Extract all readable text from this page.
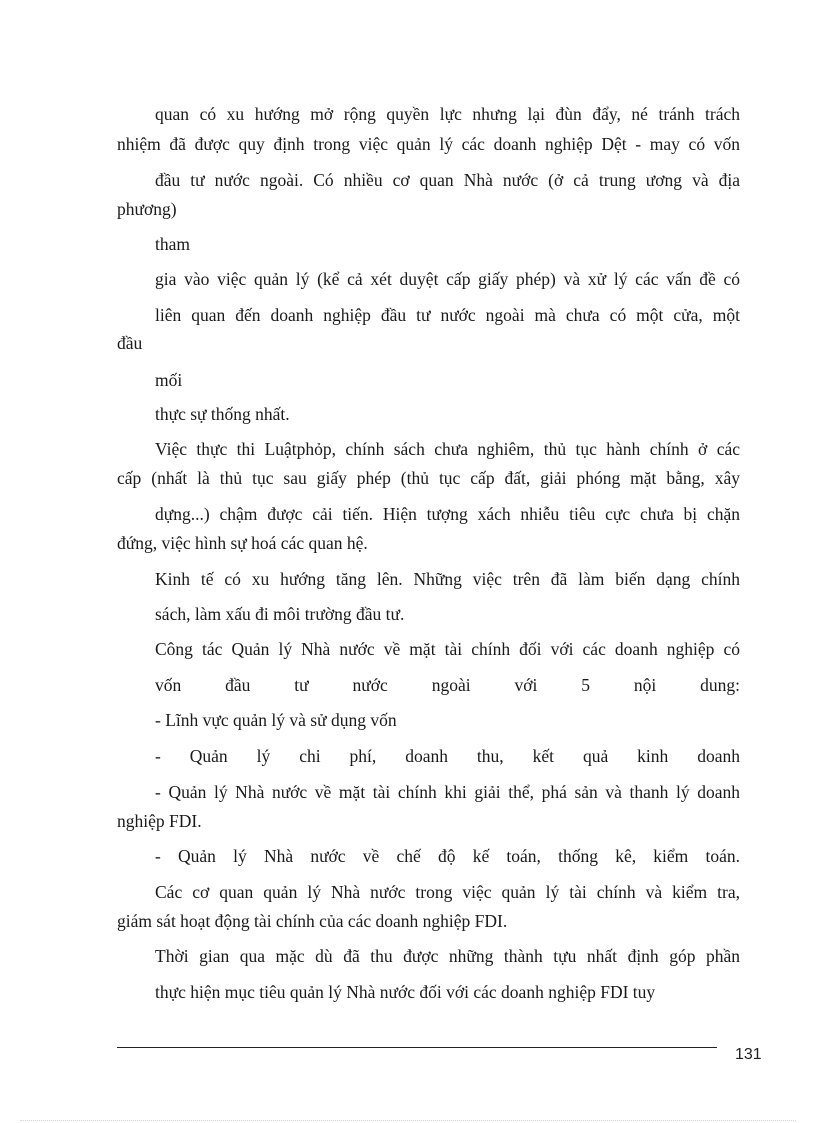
quan có xu hướng mở rộng quyền lực nhưng lại đùn đẩy, né tránh trách
nhiệm đã được quy định trong việc quản lý các doanh nghiệp Dệt - may có vốn
đầu tư nước ngoài. Có nhiều cơ quan Nhà nước (ở cả trung ương và địa
phương)
tham
gia vào việc quản lý (kể cả xét duyệt cấp giấy phép) và xử lý các vấn đề có
liên quan đến doanh nghiệp đầu tư nước ngoài mà chưa có một cửa, một
đầu
mối
thực sự thống nhất.
Việc thực thi Luậtphỏp, chính sách chưa nghiêm, thủ tục hành chính ở các
cấp (nhất là thủ tục sau giấy phép (thủ tục cấp đất, giải phóng mặt bằng, xây
dựng...) chậm được cải tiến. Hiện tượng xách nhiễu tiêu cực chưa bị chặn
đứng, việc hình sự hoá các quan hệ.
Kinh tế có xu hướng tăng lên. Những việc trên đã làm biến dạng chính
sách, làm xấu đi môi trường đầu tư.
Công tác Quản lý Nhà nước về mặt tài chính đối với các doanh nghiệp có
vốn đầu tư nước ngoài với 5 nội dung:
- Lĩnh vực quản lý và sử dụng vốn
- Quản lý chi phí, doanh thu, kết quả kinh doanh
- Quản lý Nhà nước về mặt tài chính khi giải thể, phá sản và thanh lý doanh
nghiệp FDI.
- Quản lý Nhà nước về chế độ kế toán, thống kê, kiểm toán.
Các cơ quan quản lý Nhà nước trong việc quản lý tài chính và kiểm tra,
giám sát hoạt động tài chính của các doanh nghiệp FDI.
Thời gian qua mặc dù đã thu được những thành tựu nhất định góp phần
thực hiện mục tiêu quản lý Nhà nước đối với các doanh nghiệp FDI tuy
131
